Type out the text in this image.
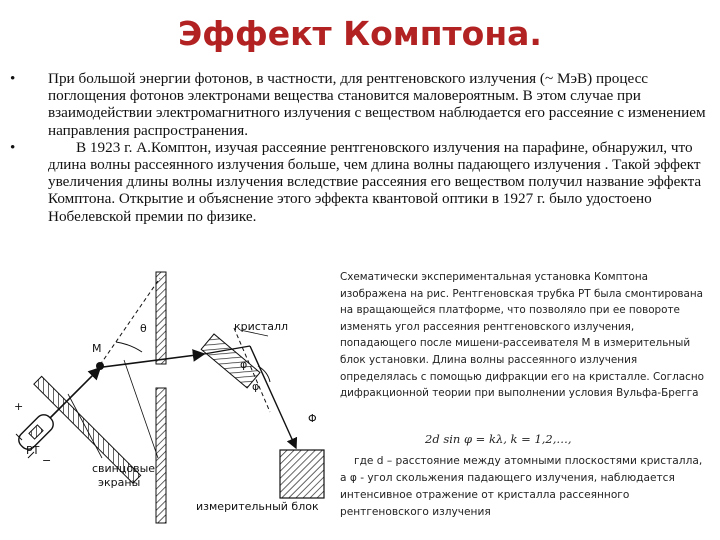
Эффект Комптона.
• При большой энергии фотонов, в частности, для рентгеновского излучения (~ МэВ) процесс поглощения фотонов электронами вещества становится маловероятным. В этом случае при взаимодействии электромагнитного излучения с веществом наблюдается его рассеяние с изменением направления распространения.
•	В 1923 г. А.Комптон, изучая рассеяние рентгеновского излучения на парафине, обнаружил, что длина волны рассеянного излучения больше, чем длина волны падающего излучения . Такой эффект увеличения длины волны излучения вследствие рассеяния его веществом получил название эффекта Комптона. Открытие и объяснение этого эффекта квантовой оптики в 1927 г. было удостоено Нобелевской премии по физике.
M
θ	кристалл
φ
φ
Φ
+
−
РТ
свинцовые
экраны
измерительный блок
Схематически экспериментальная установка Комптона изображена на рис. Рентгеновская трубка РТ была смонтирована на вращающейся платформе, что позволяло при ее повороте изменять угол рассеяния рентгеновского излучения, попадающего после мишени-рассеивателя М в измерительный блок установки. Длина волны рассеянного излучения определялась с помощью дифракции его на кристалле. Согласно дифракционной теории при выполнении условия Вульфа-Брегга
2d sin φ = kλ, k = 1,2,…,
где d – расстояние между атомными плоскостями кристалла, а φ - угол скольжения падающего излучения, наблюдается интенсивное отражение от кристалла рассеянного рентгеновского излучения
